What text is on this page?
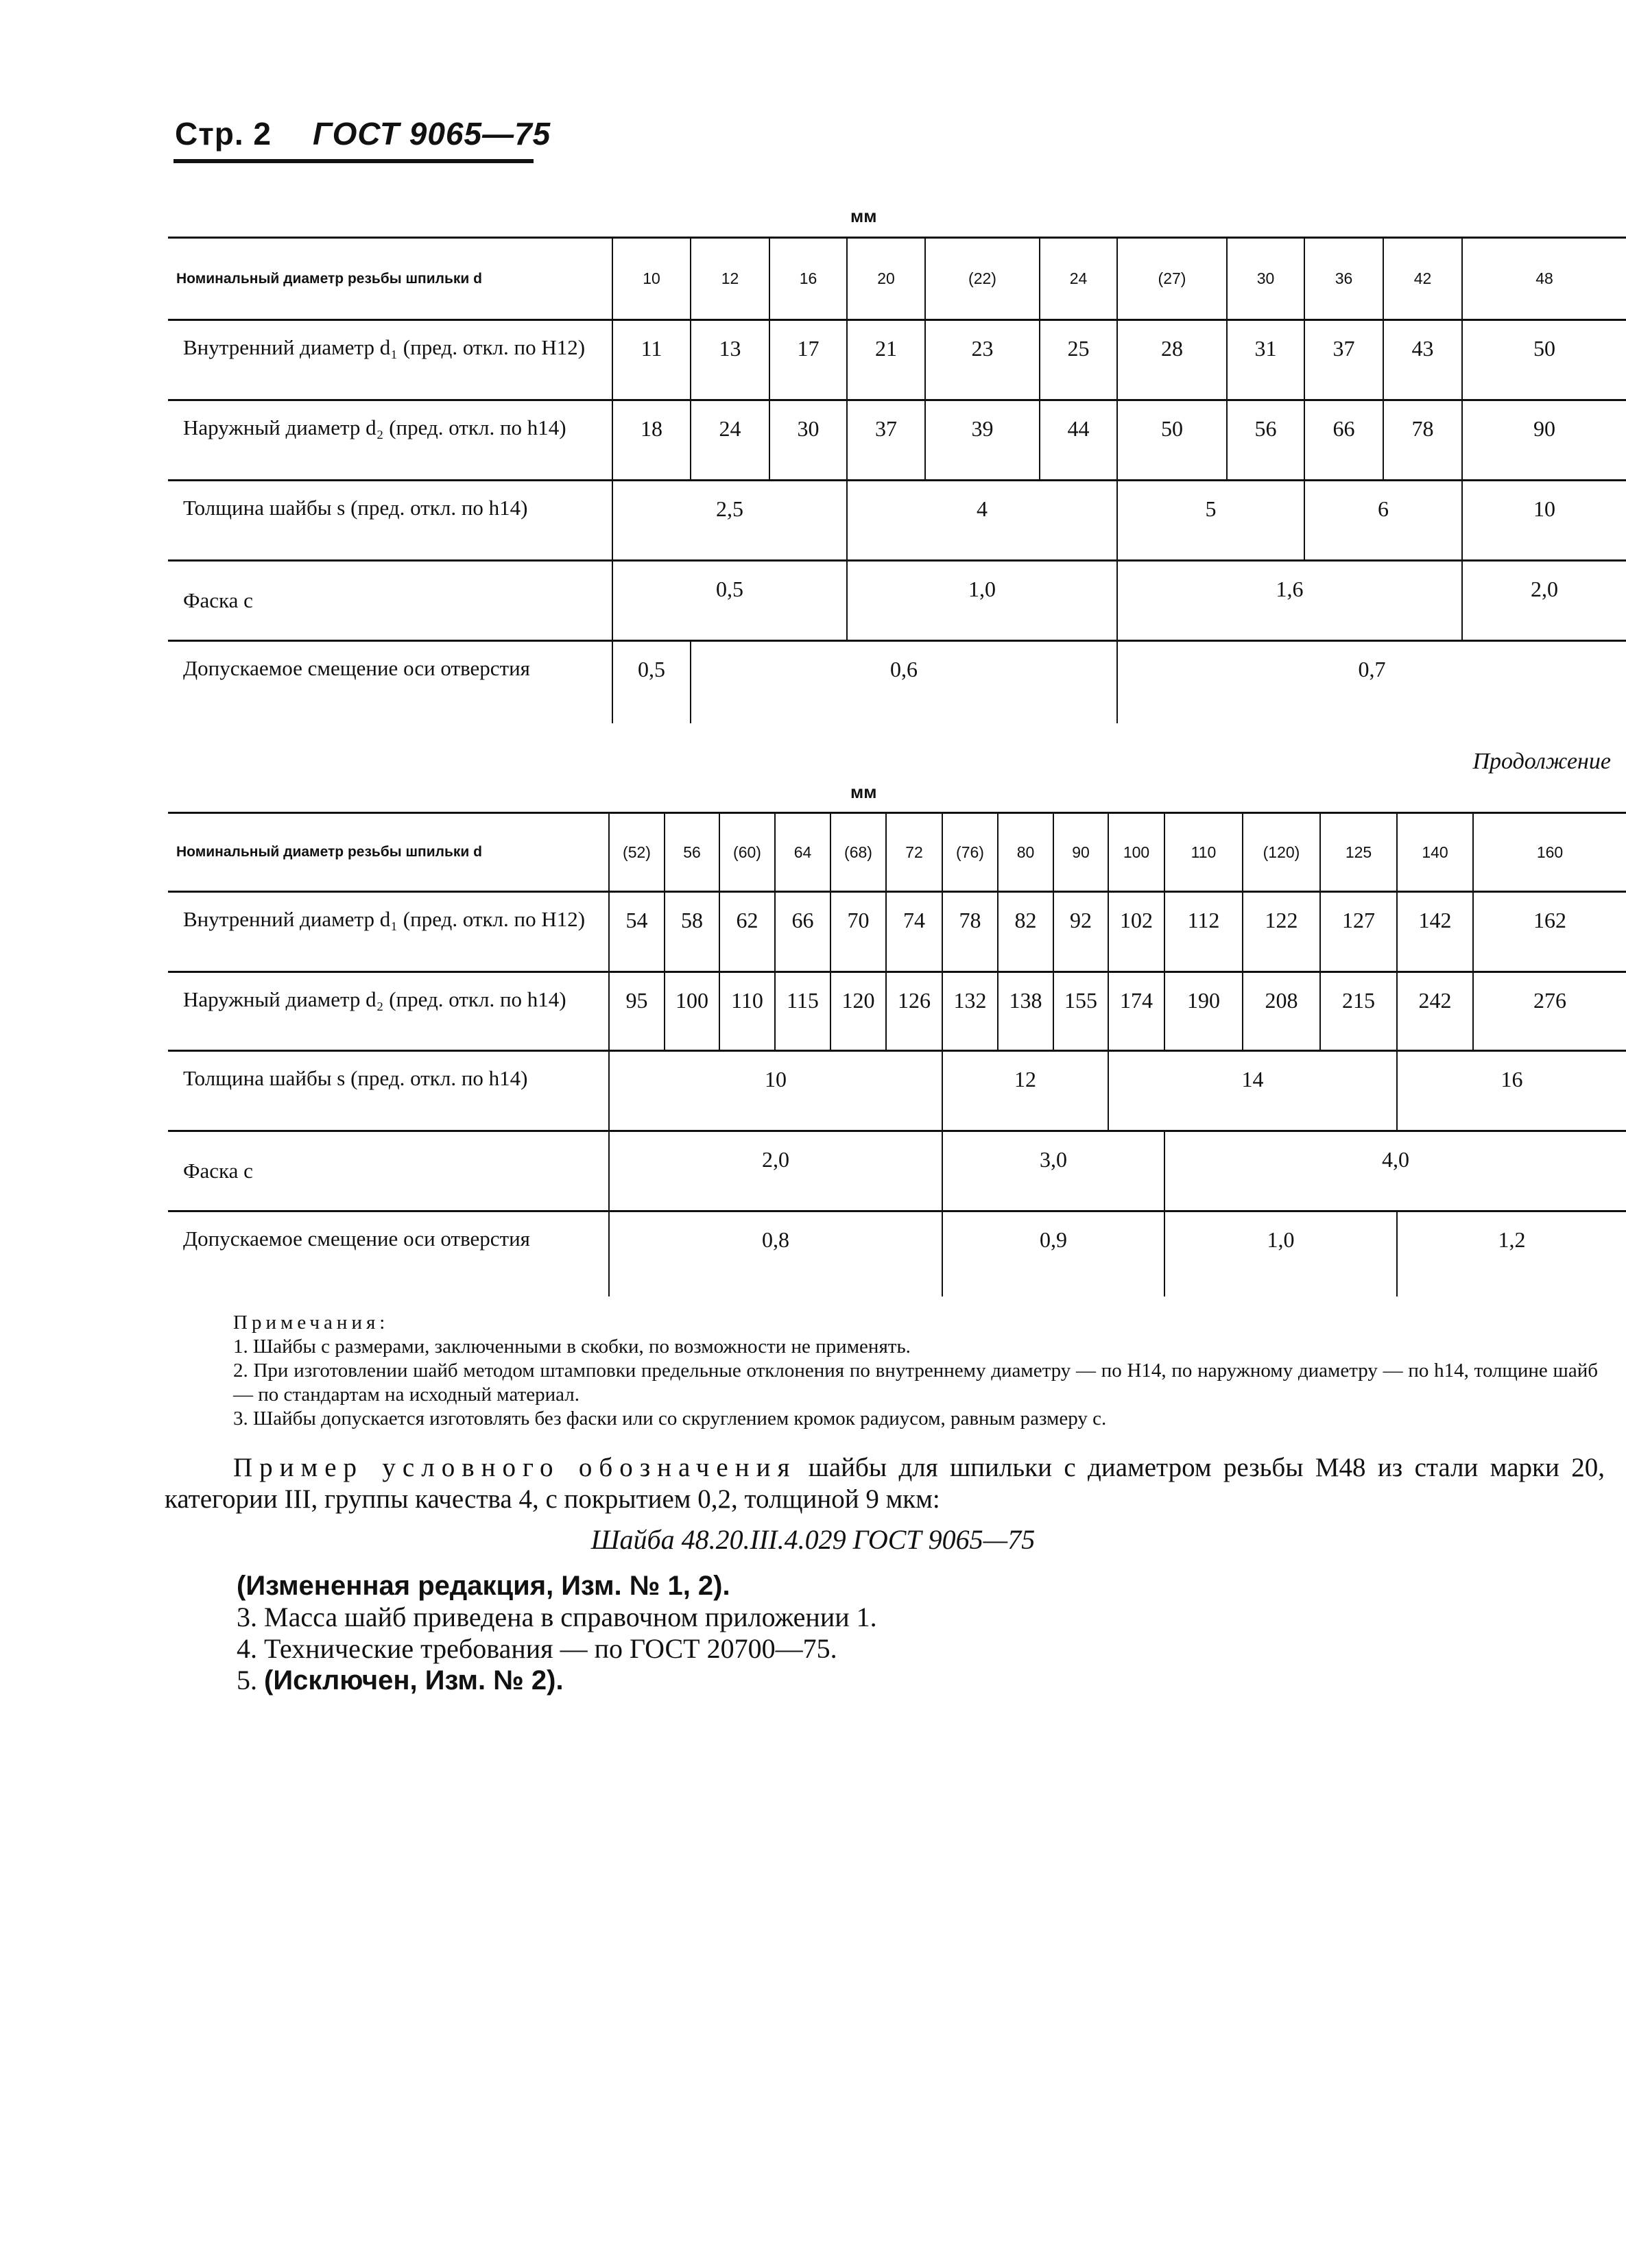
Стр. 2 ГОСТ 9065—75
мм
Номинальный диаметр резьбы шпильки d	10	12	16	20	(22)	24	(27)	30	36	42	48
Внутренний диаметр d₁ (пред. откл. по H12)	11	13	17	21	23	25	28	31	37	43	50
Наружный диаметр d₂ (пред. откл. по h14)	18	24	30	37	39	44	50	56	66	78	90
Толщина шайбы s (пред. откл. по h14)	2,5			4			5		6		10
Фаска c	0,5			1,0			1,6				2,0
Допускаемое смещение оси отверстия	0,5	0,6					0,7				
Продолжение
мм
Номинальный диаметр резьбы шпильки d	(52)	56	(60)	64	(68)	72	(76)	80	90	100	110	(120)	125	140	160
Внутренний диаметр d₁ (пред. откл. по H12)	54	58	62	66	70	74	78	82	92	102	112	122	127	142	162
Наружный диаметр d₂ (пред. откл. по h14)	95	100	110	115	120	126	132	138	155	174	190	208	215	242	276
Толщина шайбы s (пред. откл. по h14)	10						12			14				16	
Фаска c	2,0						3,0				4,0				
Допускаемое смещение оси отверстия	0,8						0,9				1,0			1,2	
Примечания:
1. Шайбы с размерами, заключенными в скобки, по возможности не применять.
2. При изготовлении шайб методом штамповки предельные отклонения по внутреннему диаметру — по H14, по наружному диаметру — по h14, толщине шайб — по стандартам на исходный материал.
3. Шайбы допускается изготовлять без фаски или со скруглением кромок радиусом, равным размеру c.
Пример условного обозначения шайбы для шпильки с диаметром резьбы M48 из стали марки 20, категории III, группы качества 4, с покрытием 0,2, толщиной 9 мкм:
Шайба 48.20.III.4.029 ГОСТ 9065—75
(Измененная редакция, Изм. № 1, 2).
3. Масса шайб приведена в справочном приложении 1.
4. Технические требования — по ГОСТ 20700—75.
5. (Исключен, Изм. № 2).
